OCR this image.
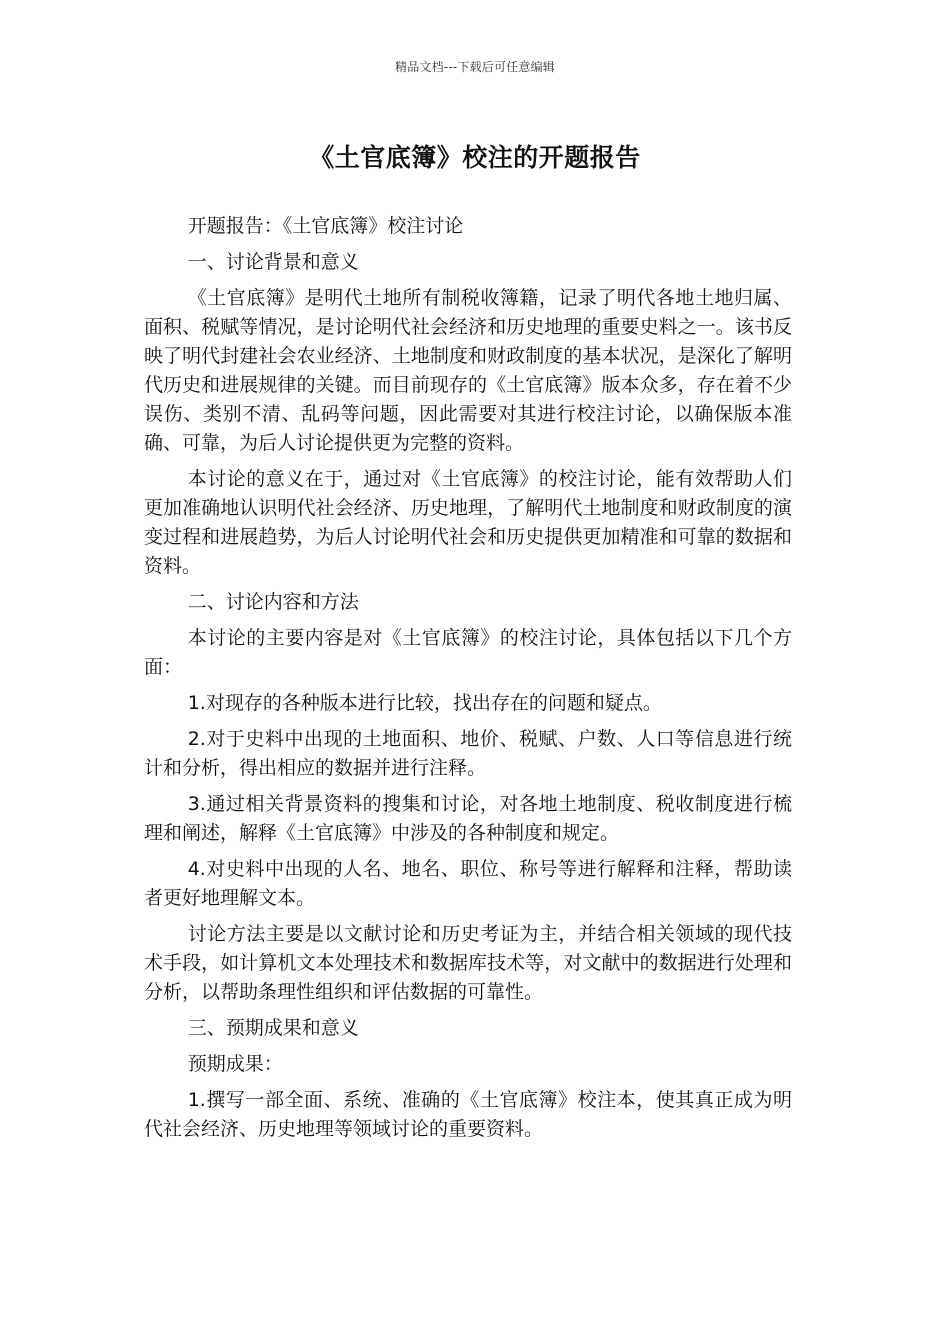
精品文档---下载后可任意编辑
《土官底簿》校注的开题报告

开题报告：《土官底簿》校注讨论

一、讨论背景和意义

《土官底簿》是明代土地所有制税收簿籍，记录了明代各地土地归属、面积、税赋等情况，是讨论明代社会经济和历史地理的重要史料之一。该书反映了明代封建社会农业经济、土地制度和财政制度的基本状况，是深化了解明代历史和进展规律的关键。而目前现存的《土官底簿》版本众多，存在着不少误伤、类别不清、乱码等问题，因此需要对其进行校注讨论，以确保版本准确、可靠，为后人讨论提供更为完整的资料。

本讨论的意义在于，通过对《土官底簿》的校注讨论，能有效帮助人们更加准确地认识明代社会经济、历史地理，了解明代土地制度和财政制度的演变过程和进展趋势，为后人讨论明代社会和历史提供更加精准和可靠的数据和资料。

二、讨论内容和方法

本讨论的主要内容是对《土官底簿》的校注讨论，具体包括以下几个方面：

1.对现存的各种版本进行比较，找出存在的问题和疑点。

2.对于史料中出现的土地面积、地价、税赋、户数、人口等信息进行统计和分析，得出相应的数据并进行注释。

3.通过相关背景资料的搜集和讨论，对各地土地制度、税收制度进行梳理和阐述，解释《土官底簿》中涉及的各种制度和规定。

4.对史料中出现的人名、地名、职位、称号等进行解释和注释，帮助读者更好地理解文本。

讨论方法主要是以文献讨论和历史考证为主，并结合相关领域的现代技术手段，如计算机文本处理技术和数据库技术等，对文献中的数据进行处理和分析，以帮助条理性组织和评估数据的可靠性。

三、预期成果和意义

预期成果：

1.撰写一部全面、系统、准确的《土官底簿》校注本，使其真正成为明代社会经济、历史地理等领域讨论的重要资料。
